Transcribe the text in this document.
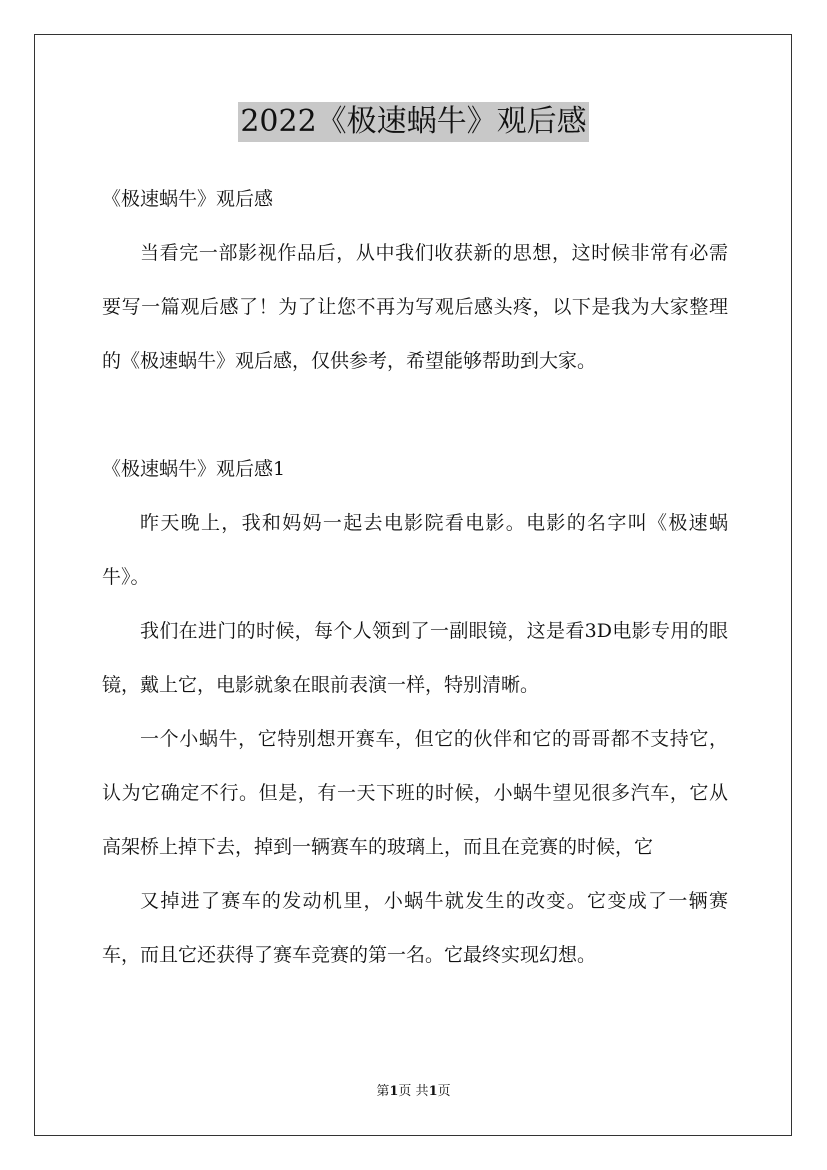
2022《极速蜗牛》观后感

《极速蜗牛》观后感

当看完一部影视作品后，从中我们收获新的思想，这时候非常有必需要写一篇观后感了！为了让您不再为写观后感头疼，以下是我为大家整理的《极速蜗牛》观后感，仅供参考，希望能够帮助到大家。

《极速蜗牛》观后感1

昨天晚上，我和妈妈一起去电影院看电影。电影的名字叫《极速蜗牛》。

我们在进门的时候，每个人领到了一副眼镜，这是看3D电影专用的眼镜，戴上它，电影就象在眼前表演一样，特别清晰。

一个小蜗牛，它特别想开赛车，但它的伙伴和它的哥哥都不支持它，认为它确定不行。但是，有一天下班的时候，小蜗牛望见很多汽车，它从高架桥上掉下去，掉到一辆赛车的玻璃上，而且在竞赛的时候，它

又掉进了赛车的发动机里，小蜗牛就发生的改变。它变成了一辆赛车，而且它还获得了赛车竞赛的第一名。它最终实现幻想。

第1页 共1页
